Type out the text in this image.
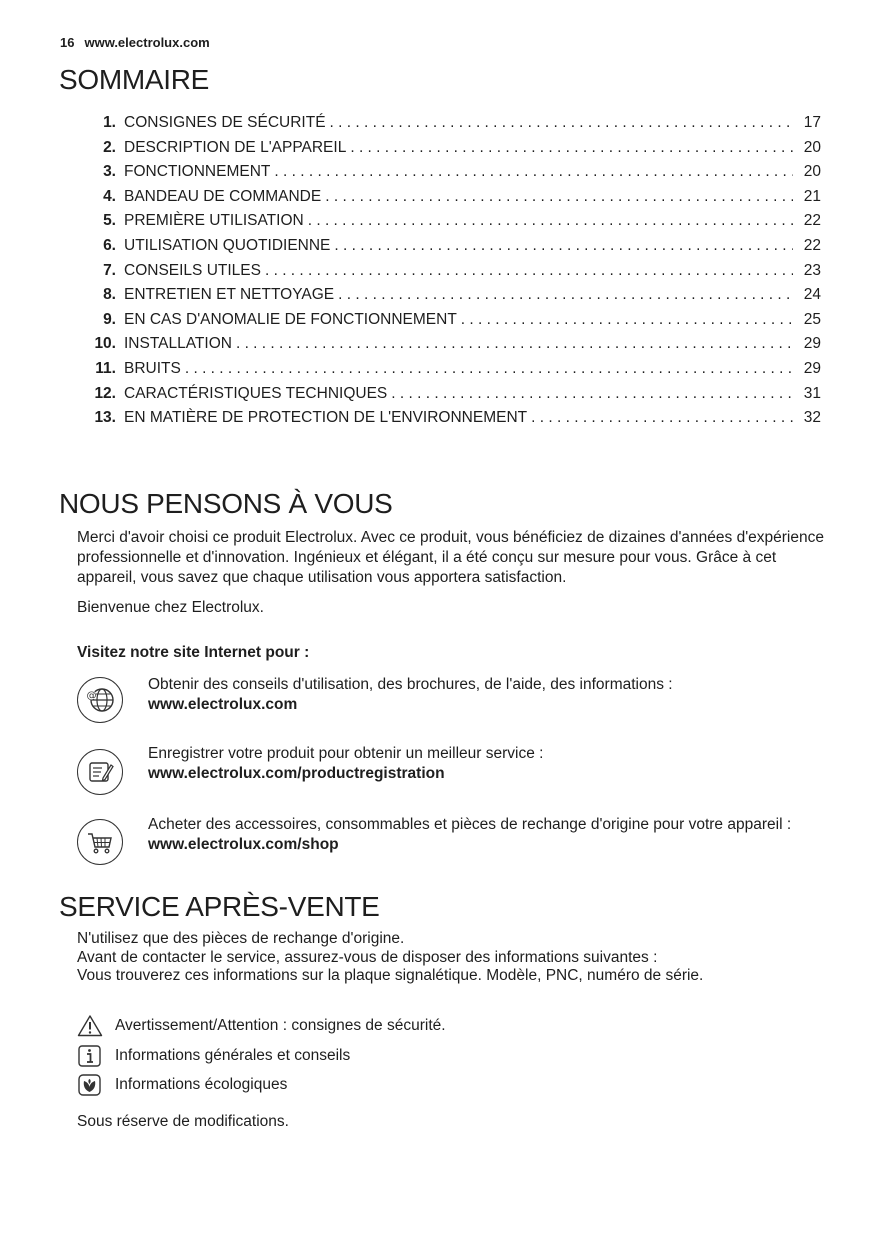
16 www.electrolux.com
SOMMAIRE
1. CONSIGNES DE SÉCURITÉ . . .	17
2. DESCRIPTION DE L'APPAREIL . . .	20
3. FONCTIONNEMENT . . .	20
4. BANDEAU DE COMMANDE . . .	21
5. PREMIÈRE UTILISATION . . .	22
6. UTILISATION QUOTIDIENNE . . .	22
7. CONSEILS UTILES . . .	23
8. ENTRETIEN ET NETTOYAGE . . .	24
9. EN CAS D'ANOMALIE DE FONCTIONNEMENT . . .	25
10. INSTALLATION . . .	29
11. BRUITS . . .	29
12. CARACTÉRISTIQUES TECHNIQUES . . .	31
13. EN MATIÈRE DE PROTECTION DE L'ENVIRONNEMENT . . .	32
NOUS PENSONS À VOUS
Merci d'avoir choisi ce produit Electrolux. Avec ce produit, vous bénéficiez de dizaines d'années d'expérience professionnelle et d'innovation. Ingénieux et élégant, il a été conçu sur mesure pour vous. Grâce à cet appareil, vous savez que chaque utilisation vous apportera satisfaction.
Bienvenue chez Electrolux.
Visitez notre site Internet pour :
@
Obtenir des conseils d'utilisation, des brochures, de l'aide, des informations :
www.electrolux.com
Enregistrer votre produit pour obtenir un meilleur service :
www.electrolux.com/productregistration
Acheter des accessoires, consommables et pièces de rechange d'origine pour votre appareil :
www.electrolux.com/shop
SERVICE APRÈS-VENTE
N'utilisez que des pièces de rechange d'origine.
Avant de contacter le service, assurez-vous de disposer des informations suivantes :
Vous trouverez ces informations sur la plaque signalétique. Modèle, PNC, numéro de série.
Avertissement/Attention : consignes de sécurité.
Informations générales et conseils
Informations écologiques
Sous réserve de modifications.
